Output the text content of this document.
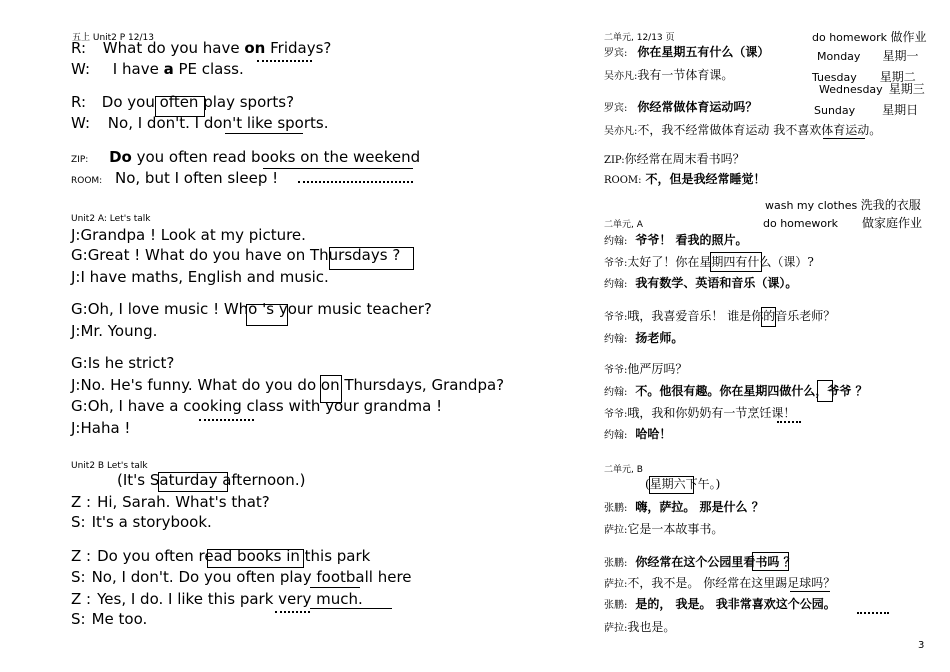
五上 Unit2 P 12/13
R: What do you have on Fridays?
W: I have a PE class.
R: Do you often play sports?
W: No, I don't. I don't like sports.
ZIP: Do you often read books on the weekend
ROOM: No, but I often sleep !
Unit2 A: Let's talk
J:Grandpa ! Look at my picture.
G:Great ! What do you have on Thursdays ?
J:I have maths, English and music.
G:Oh, I love music ! Who 's your music teacher?
J:Mr. Young.
G:Is he strict?
J:No. He's funny. What do you do on Thursdays, Grandpa?
G:Oh, I have a cooking class with your grandma !
J:Haha !
Unit2 B Let's talk
(It's Saturday afternoon.)
Z : Hi, Sarah. What's that?
S: It's a storybook.
Z : Do you often read books in this park
S: No, I don't. Do you often play football here
Z : Yes, I do. I like this park very much.
S: Me too.
二单元, 12/13 页	do homework 做作业
Monday 星期一
Tuesday 星期二
Wednesday 星期三
Sunday 星期日
罗宾: 你在星期五有什么（课）
吴亦凡:我有一节体育课。
罗宾: 你经常做体育运动吗？
吴亦凡:不，我不经常做体育运动 我不喜欢体育运动。
ZIP:你经常在周末看书吗？
ROOM: 不，但是我经常睡觉！
wash my clothes 洗我的衣服
do homework 做家庭作业
二单元, A
约翰: 爷爷！ 看我的照片。
爷爷:太好了！你在星期四有什么（课）?
约翰: 我有数学、英语和音乐（课）。
爷爷:哦，我喜爱音乐！ 谁是你的音乐老师？
约翰: 扬老师。
爷爷:他严厉吗？
约翰: 不。他很有趣。你在星期四做什么，爷爷 ？
爷爷:哦，我和你奶奶有一节烹饪课！
约翰: 哈哈！
二单元, B
(星期六下午。)
张鹏: 嗨，萨拉。 那是什么 ？
萨拉:它是一本故事书。
张鹏: 你经常在这个公园里看书吗 ？
萨拉:不，我不是。 你经常在这里踢足球吗？
张鹏: 是的， 我是。 我非常喜欢这个公园。
萨拉:我也是。
3
